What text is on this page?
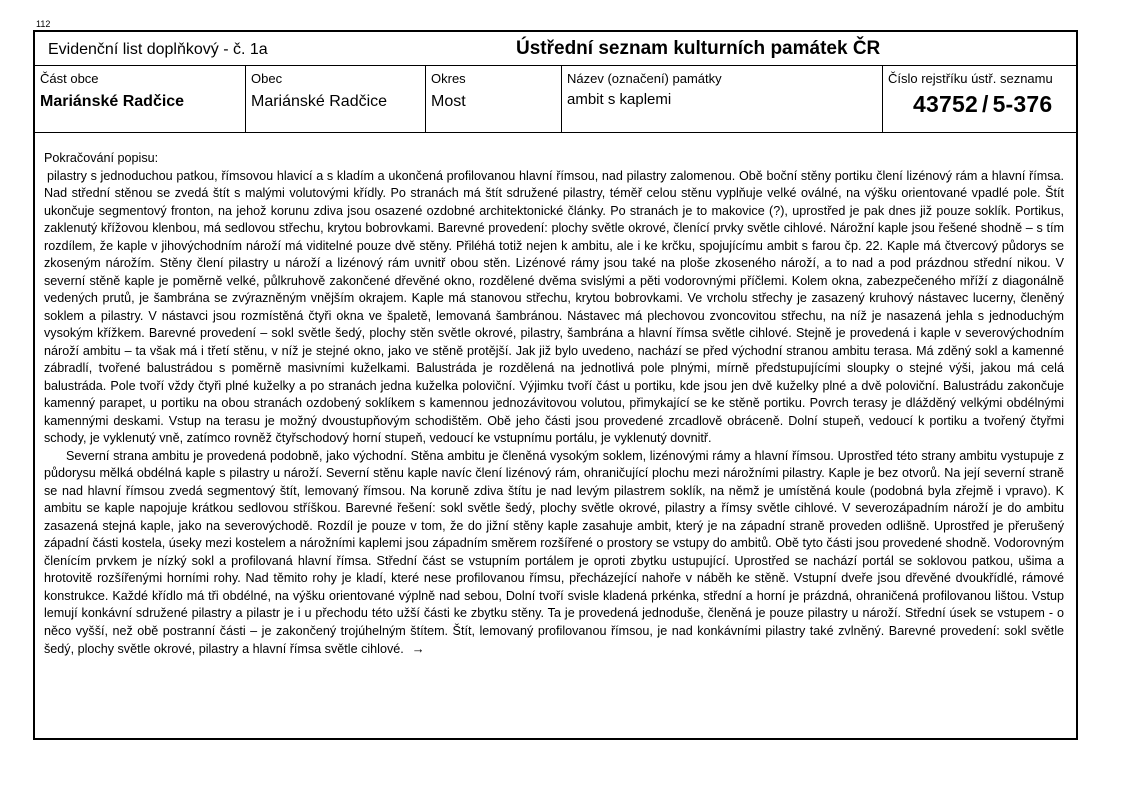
112
Evidenční list doplňkový - č. 1a	Ústřední seznam kulturních památek ČR
Část obce
Mariánské Radčice
Obec
Mariánské Radčice
Okres
Most
Název (označení) památky
ambit s kaplemi
Číslo rejstříku ústř. seznamu
43752 / 5-376
Pokračování popisu:

pilastry s jednoduchou patkou, římsovou hlavicí a s kladím a ukončená profilovanou hlavní římsou, nad pilastry zalomenou. Obě boční stěny portiku člení lizénový rám a hlavní římsa. Nad střední stěnou se zvedá štít s malými volutovými křídly. Po stranách má štít sdružené pilastry, téměř celou stěnu vyplňuje velké oválné, na výšku orientované vpadlé pole. Štít ukončuje segmentový fronton, na jehož korunu zdiva jsou osazené ozdobné architektonické články. Po stranách je to makovice (?), uprostřed je pak dnes již pouze soklík. Portikus, zaklenutý křížovou klenbou, má sedlovou střechu, krytou bobrovkami. Barevné provedení: plochy světle okrové, členící prvky světle cihlové. Nárožní kaple jsou řešené shodně – s tím rozdílem, že kaple v jihovýchodním nároží má viditelné pouze dvě stěny. Přiléhá totiž nejen k ambitu, ale i ke krčku, spojujícímu ambit s farou čp. 22. Kaple má čtvercový půdorys se zkoseným nárožím. Stěny člení pilastry u nároží a lizénový rám uvnitř obou stěn. Lizénové rámy jsou také na ploše zkoseného nároží, a to nad a pod prázdnou střední nikou. V severní stěně kaple je poměrně velké, půlkruhově zakončené dřevěné okno, rozdělené dvěma svislými a pěti vodorovnými příčlemi. Kolem okna, zabezpečeného mříží z diagonálně vedených prutů, je šambrána se zvýrazněným vnějším okrajem. Kaple má stanovou střechu, krytou bobrovkami. Ve vrcholu střechy je zasazený kruhový nástavec lucerny, členěný soklem a pilastry. V nástavci jsou rozmístěná čtyři okna ve špaletě, lemovaná šambránou. Nástavec má plechovou zvoncovitou střechu, na níž je nasazená jehla s jednoduchým vysokým křížkem. Barevné provedení – sokl světle šedý, plochy stěn světle okrové, pilastry, šambrána a hlavní římsa světle cihlové. Stejně je provedená i kaple v severovýchodním nároží ambitu – ta však má i třetí stěnu, v níž je stejné okno, jako ve stěně protější. Jak již bylo uvedeno, nachází se před východní stranou ambitu terasa. Má zděný sokl a kamenné zábradlí, tvořené balustrádou s poměrně masivními kuželkami. Balustráda je rozdělená na jednotlivá pole plnými, mírně předstupujícími sloupky o stejné výši, jakou má celá balustráda. Pole tvoří vždy čtyři plné kuželky a po stranách jedna kuželka poloviční. Výjimku tvoří část u portiku, kde jsou jen dvě kuželky plné a dvě poloviční. Balustrádu zakončuje kamenný parapet, u portiku na obou stranách ozdobený soklíkem s kamennou jednozávitovou volutou, přimykající se ke stěně portiku. Povrch terasy je dlážděný velkými obdélnými kamennými deskami. Vstup na terasu je možný dvoustupňovým schodištěm. Obě jeho části jsou provedené zrcadlově obráceně. Dolní stupeň, vedoucí k portiku a tvořený čtyřmi schody, je vyklenutý vně, zatímco rovněž čtyřschodový horní stupeň, vedoucí ke vstupnímu portálu, je vyklenutý dovnitř.

Severní strana ambitu je provedená podobně, jako východní. Stěna ambitu je členěná vysokým soklem, lizénovými rámy a hlavní římsou. Uprostřed této strany ambitu vystupuje z půdorysu mělká obdélná kaple s pilastry u nároží. Severní stěnu kaple navíc člení lizénový rám, ohraničující plochu mezi nárožními pilastry. Kaple je bez otvorů. Na její severní straně se nad hlavní římsou zvedá segmentový štít, lemovaný římsou. Na koruně zdiva štítu je nad levým pilastrem soklík, na němž je umístěná koule (podobná byla zřejmě i vpravo). K ambitu se kaple napojuje krátkou sedlovou stříškou. Barevné řešení: sokl světle šedý, plochy světle okrové, pilastry a římsy světle cihlové. V severozápadním nároží je do ambitu zasazená stejná kaple, jako na severovýchodě. Rozdíl je pouze v tom, že do jižní stěny kaple zasahuje ambit, který je na západní straně proveden odlišně. Uprostřed je přerušený západní části kostela, úseky mezi kostelem a nárožními kaplemi jsou západním směrem rozšířené o prostory se vstupy do ambitů. Obě tyto části jsou provedené shodně. Vodorovným členícím prvkem je nízký sokl a profilovaná hlavní římsa. Střední část se vstupním portálem je oproti zbytku ustupující. Uprostřed se nachází portál se soklovou patkou, ušima a hrotovitě rozšířenými horními rohy. Nad těmito rohy je kladí, které nese profilovanou římsu, přecházející nahoře v náběh ke stěně. Vstupní dveře jsou dřevěné dvoukřídlé, rámové konstrukce. Každé křídlo má tři obdélné, na výšku orientované výplně nad sebou, Dolní tvoří svisle kladená prkénka, střední a horní je prázdná, ohraničená profilovanou lištou. Vstup lemují konkávní sdružené pilastry a pilastr je i u přechodu této užší části ke zbytku stěny. Ta je provedená jednoduše, členěná je pouze pilastry u nároží. Střední úsek se vstupem - o něco vyšší, než obě postranní části – je zakončený trojúhelným štítem. Štít, lemovaný profilovanou římsou, je nad konkávními pilastry také zvlněný. Barevné provedení: sokl světle šedý, plochy světle okrové, pilastry a hlavní římsa světle cihlové. →
